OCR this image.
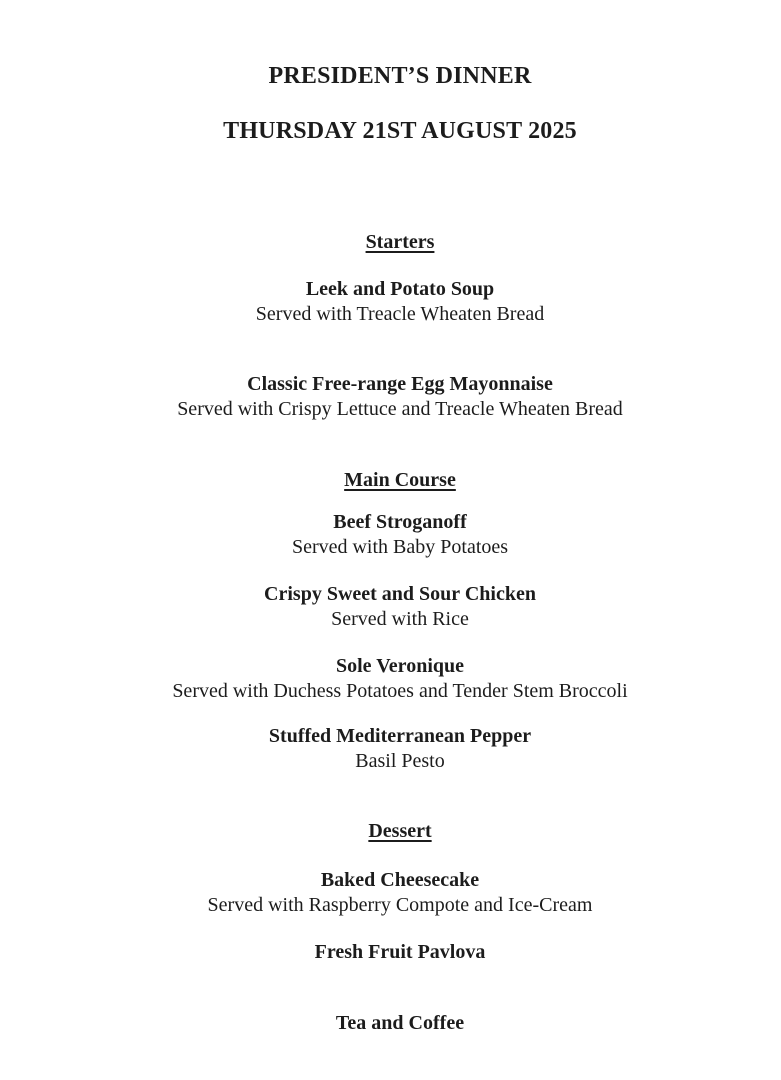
PRESIDENT’S DINNER
THURSDAY 21ST AUGUST 2025
Starters
Leek and Potato Soup
Served with Treacle Wheaten Bread
Classic Free-range Egg Mayonnaise
Served with Crispy Lettuce and Treacle Wheaten Bread
Main Course
Beef Stroganoff
Served with Baby Potatoes
Crispy Sweet and Sour Chicken
Served with Rice
Sole Veronique
Served with Duchess Potatoes and Tender Stem Broccoli
Stuffed Mediterranean Pepper
Basil Pesto
Dessert
Baked Cheesecake
Served with Raspberry Compote and Ice-Cream
Fresh Fruit Pavlova
Tea and Coffee
